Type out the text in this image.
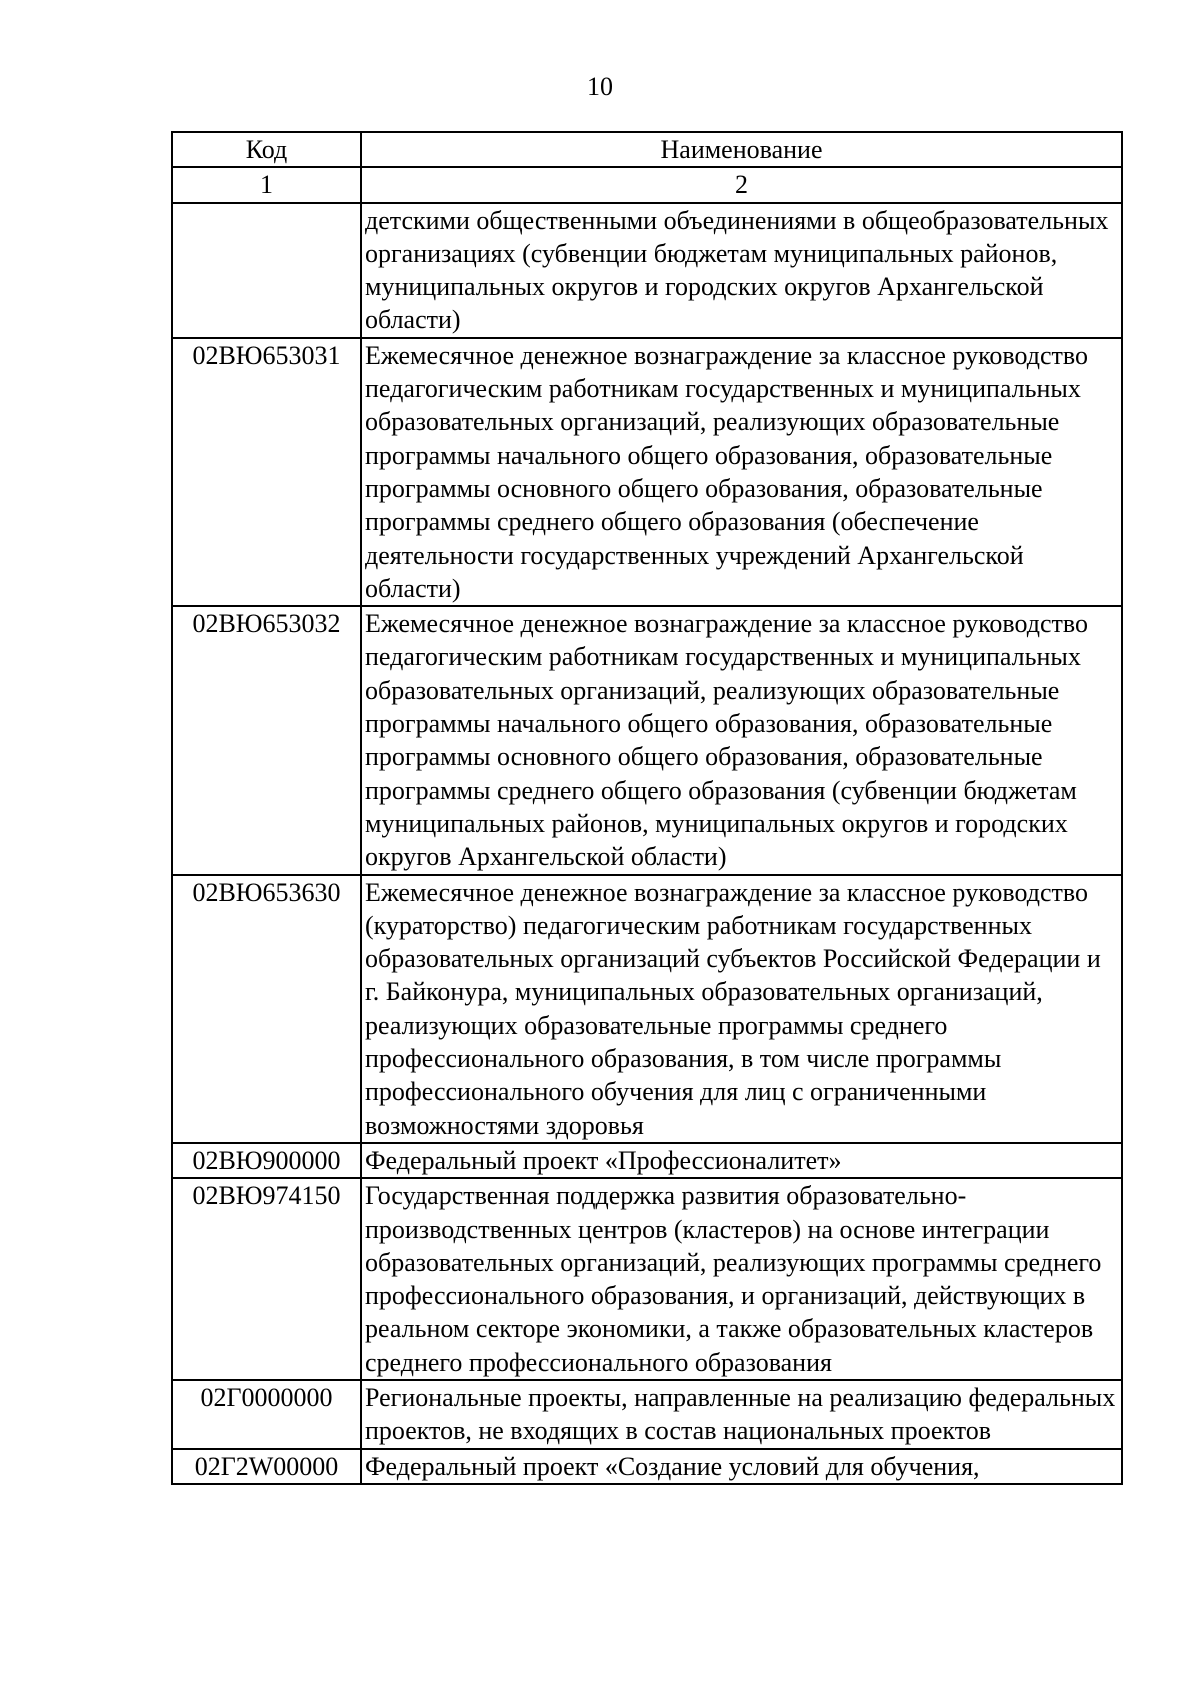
10
Код	Наименование
1	2
	детскими общественными объединениями в общеобразовательных организациях (субвенции бюджетам муниципальных районов, муниципальных округов и городских округов Архангельской области)
02ВЮ653031	Ежемесячное денежное вознаграждение за классное руководство педагогическим работникам государственных и муниципальных образовательных организаций, реализующих образовательные программы начального общего образования, образовательные программы основного общего образования, образовательные программы среднего общего образования (обеспечение деятельности государственных учреждений Архангельской области)
02ВЮ653032	Ежемесячное денежное вознаграждение за классное руководство педагогическим работникам государственных и муниципальных образовательных организаций, реализующих образовательные программы начального общего образования, образовательные программы основного общего образования, образовательные программы среднего общего образования (субвенции бюджетам муниципальных районов, муниципальных округов и городских округов Архангельской области)
02ВЮ653630	Ежемесячное денежное вознаграждение за классное руководство (кураторство) педагогическим работникам государственных образовательных организаций субъектов Российской Федерации и г. Байконура, муниципальных образовательных организаций, реализующих образовательные программы среднего профессионального образования, в том числе программы профессионального обучения для лиц с ограниченными возможностями здоровья
02ВЮ900000	Федеральный проект «Профессионалитет»
02ВЮ974150	Государственная поддержка развития образовательно-производственных центров (кластеров) на основе интеграции образовательных организаций, реализующих программы среднего профессионального образования, и организаций, действующих в реальном секторе экономики, а также образовательных кластеров среднего профессионального образования
02Г0000000	Региональные проекты, направленные на реализацию федеральных проектов, не входящих в состав национальных проектов
02Г2W00000	Федеральный проект «Создание условий для обучения,
